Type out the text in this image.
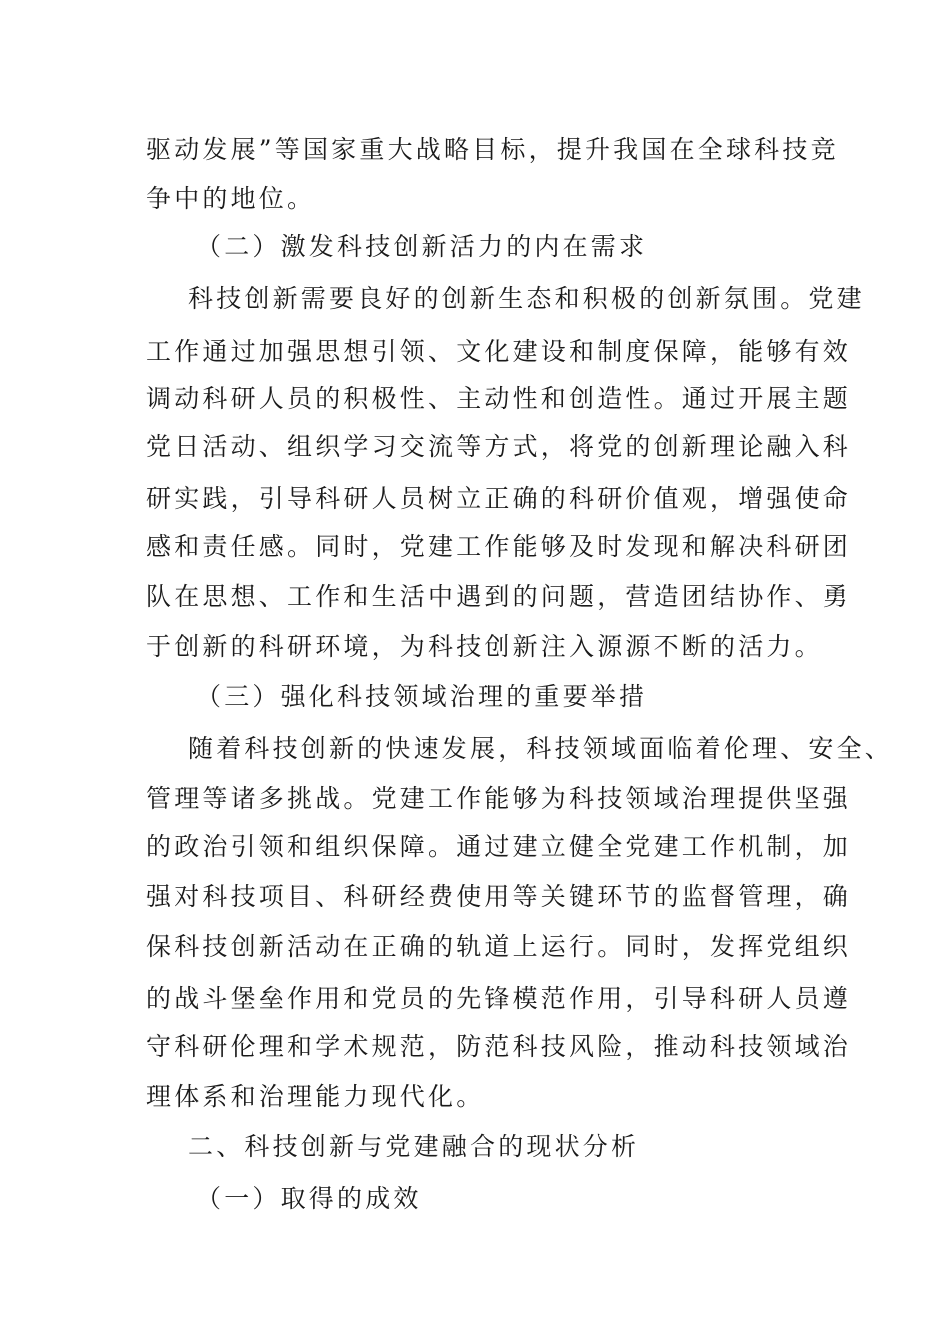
驱动发展”等国家重大战略目标，提升我国在全球科技竞
争中的地位。
（二）激发科技创新活力的内在需求
科技创新需要良好的创新生态和积极的创新氛围。党建
工作通过加强思想引领、文化建设和制度保障，能够有效
调动科研人员的积极性、主动性和创造性。通过开展主题
党日活动、组织学习交流等方式，将党的创新理论融入科
研实践，引导科研人员树立正确的科研价值观，增强使命
感和责任感。同时，党建工作能够及时发现和解决科研团
队在思想、工作和生活中遇到的问题，营造团结协作、勇
于创新的科研环境，为科技创新注入源源不断的活力。
（三）强化科技领域治理的重要举措
随着科技创新的快速发展，科技领域面临着伦理、安全、
管理等诸多挑战。党建工作能够为科技领域治理提供坚强
的政治引领和组织保障。通过建立健全党建工作机制，加
强对科技项目、科研经费使用等关键环节的监督管理，确
保科技创新活动在正确的轨道上运行。同时，发挥党组织
的战斗堡垒作用和党员的先锋模范作用，引导科研人员遵
守科研伦理和学术规范，防范科技风险，推动科技领域治
理体系和治理能力现代化。
二、科技创新与党建融合的现状分析
（一）取得的成效
